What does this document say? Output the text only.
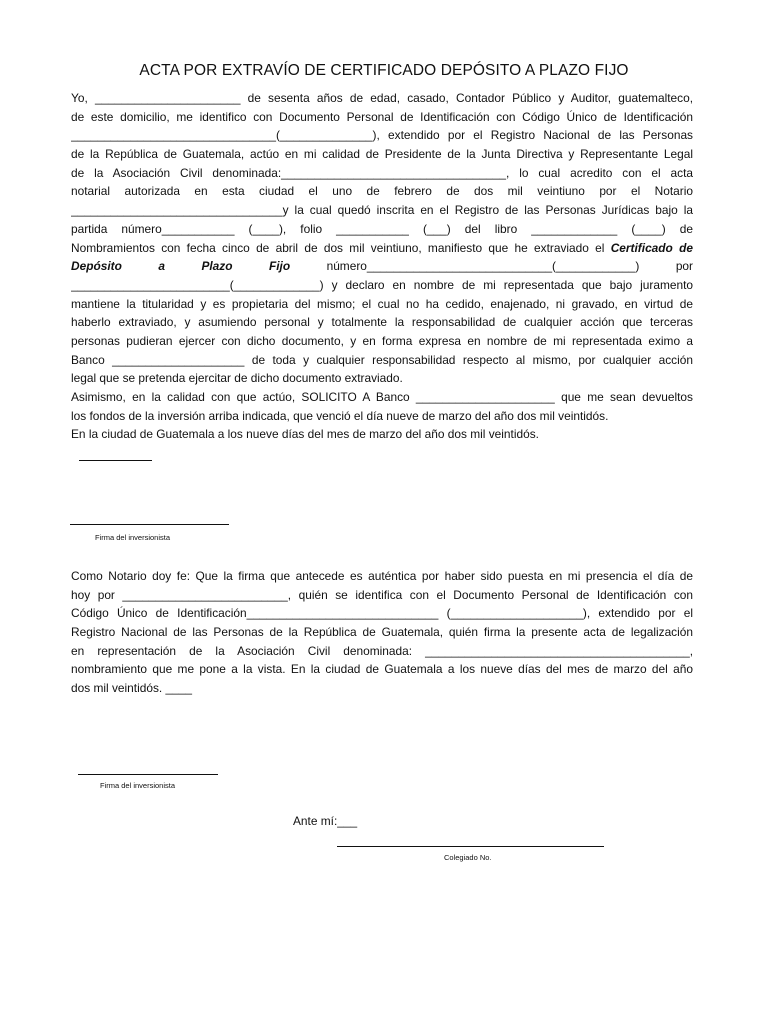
ACTA POR EXTRAVÍO DE CERTIFICADO DEPÓSITO A PLAZO FIJO
Yo, ______________________ de sesenta años de edad, casado, Contador Público y Auditor, guatemalteco,
de este domicilio, me identifico con Documento Personal de Identificación con Código Único de Identificación
_______________________________(______________), extendido por el Registro Nacional de las Personas
de la República de Guatemala, actúo en mi calidad de Presidente de la Junta Directiva y Representante Legal
de la Asociación Civil denominada:__________________________________, lo cual acredito con el acta
notarial autorizada en esta ciudad el uno de febrero de dos mil veintiuno por el Notario
________________________________y la cual quedó inscrita en el Registro de las Personas Jurídicas bajo la
partida número___________ (____), folio ___________ (___) del libro _____________ (____) de
Nombramientos con fecha cinco de abril de dos mil veintiuno, manifiesto que he extraviado el Certificado de
Depósito	a	Plazo	Fijo	número____________________________(____________)	por
________________________(_____________) y declaro en nombre de mi representada que bajo juramento
mantiene la titularidad y es propietaria del mismo; el cual no ha cedido, enajenado, ni gravado, en virtud de
haberlo extraviado, y asumiendo personal y totalmente la responsabilidad de cualquier acción que terceras
personas pudieran ejercer con dicho documento, y en forma expresa en nombre de mi representada eximo a
Banco ____________________ de toda y cualquier responsabilidad respecto al mismo, por cualquier acción
legal que se pretenda ejercitar de dicho documento extraviado.
Asimismo, en la calidad con que actúo, SOLICITO A Banco _____________________ que me sean devueltos
los fondos de la inversión arriba indicada, que venció el día nueve de marzo del año dos mil veintidós.
En la ciudad de Guatemala a los nueve días del mes de marzo del año dos mil veintidós.
Firma del inversionista
Como Notario doy fe: Que la firma que antecede es auténtica por haber sido puesta en mi presencia el día de
hoy por _________________________, quién se identifica con el Documento Personal de Identificación con
Código Único de Identificación_____________________________ (____________________), extendido por el
Registro Nacional de las Personas de la República de Guatemala, quién firma la presente acta de legalización
en representación de la Asociación Civil denominada: ________________________________________,
nombramiento que me pone a la vista. En la ciudad de Guatemala a los nueve días del mes de marzo del año
dos mil veintidós. ____
Firma del inversionista
Ante mí:___
Colegiado No.
